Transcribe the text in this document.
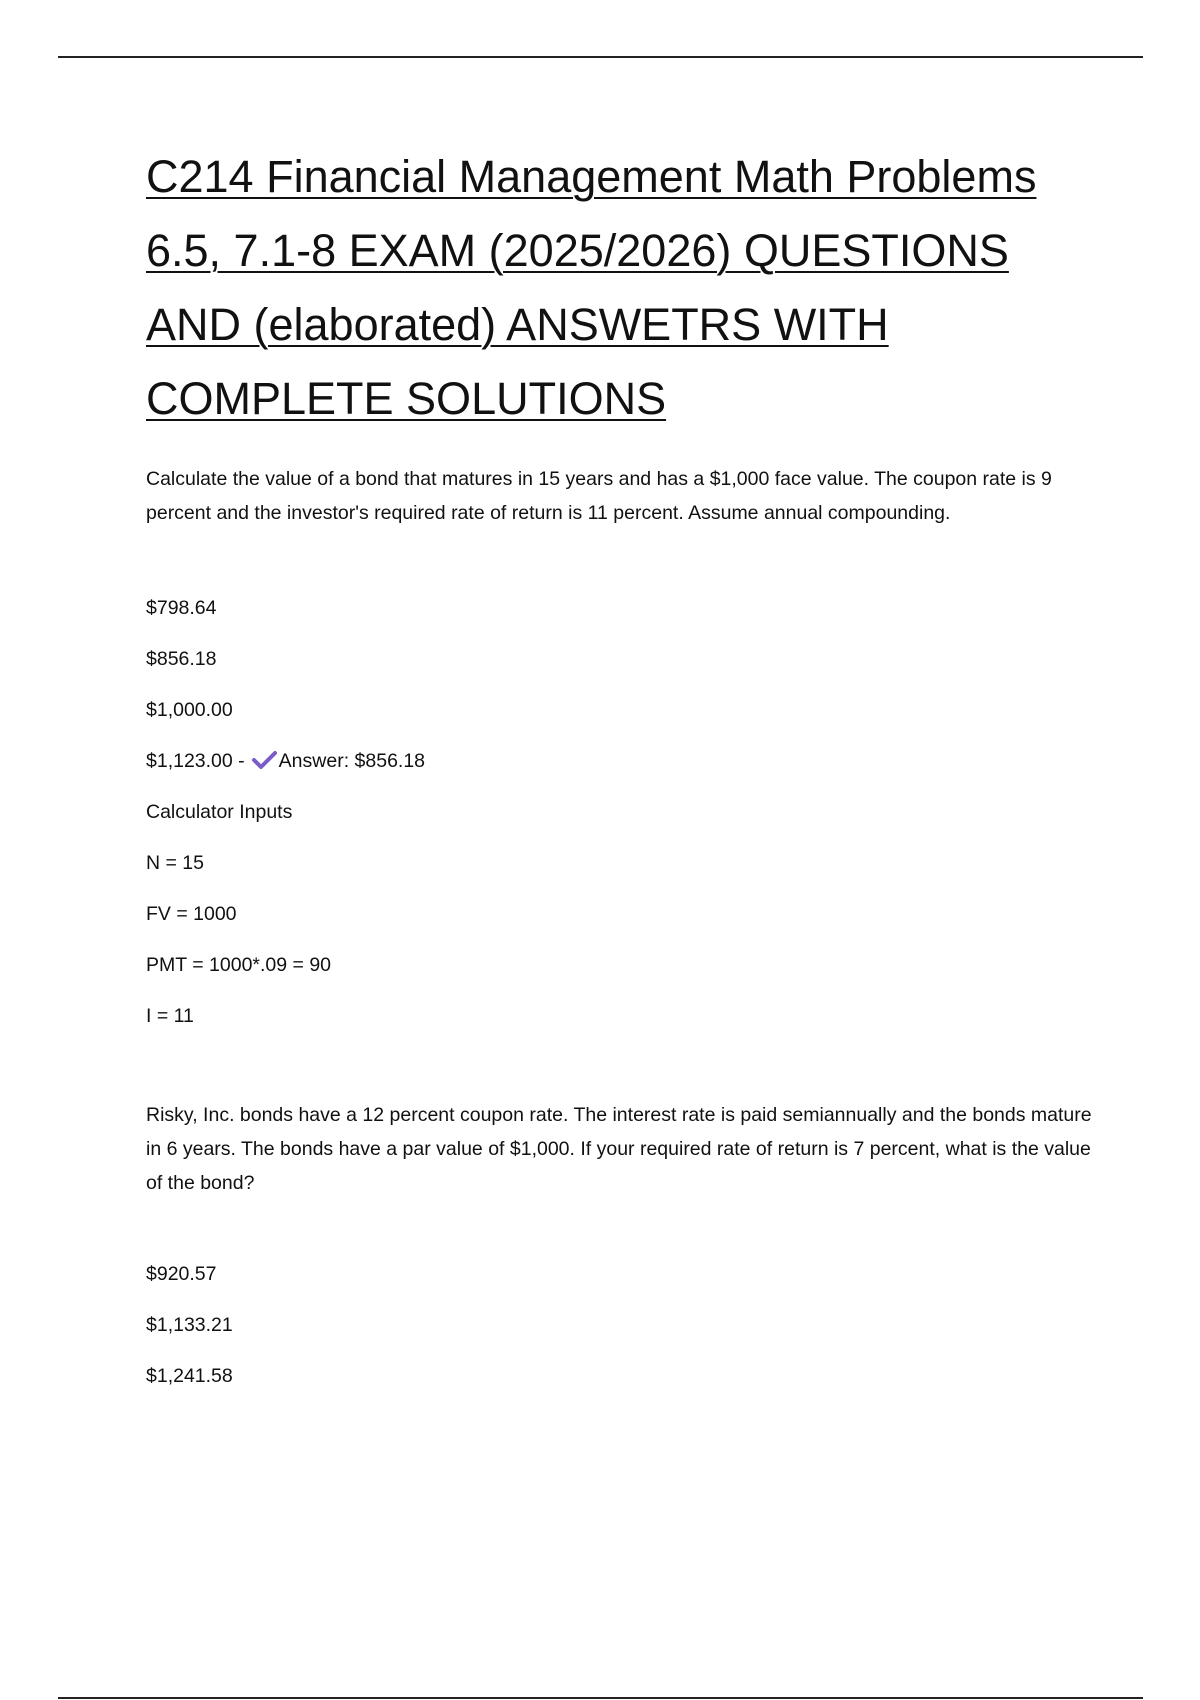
C214 Financial Management Math Problems
6.5, 7.1-8 EXAM (2025/2026) QUESTIONS
AND (elaborated) ANSWETRS WITH
COMPLETE SOLUTIONS

Calculate the value of a bond that matures in 15 years and has a $1,000 face value. The coupon rate is 9 percent and the investor's required rate of return is 11 percent. Assume annual compounding.

$798.64
$856.18
$1,000.00
$1,123.00 - Answer: $856.18
Calculator Inputs
N = 15
FV = 1000
PMT = 1000*.09 = 90
I = 11

Risky, Inc. bonds have a 12 percent coupon rate. The interest rate is paid semiannually and the bonds mature in 6 years. The bonds have a par value of $1,000. If your required rate of return is 7 percent, what is the value of the bond?

$920.57
$1,133.21
$1,241.58
